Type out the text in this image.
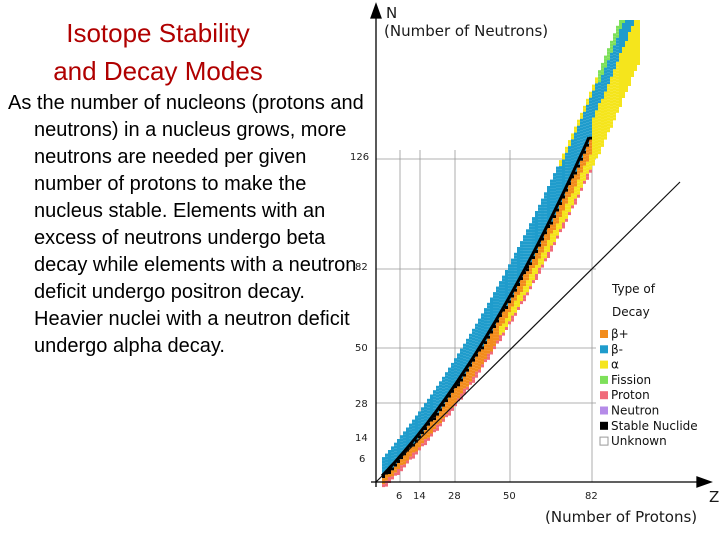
Isotope Stability
and Decay Modes
As the number of nucleons (protons and neutrons) in a nucleus grows, more neutrons are needed per given number of protons to make the nucleus stable. Elements with an excess of neutrons undergo beta decay while elements with a neutron deficit undergo positron decay. Heavier nuclei with a neutron deficit undergo alpha decay.
N
(Number of Neutrons)
Z
(Number of Protons)
126
82
50
28
14
6
6 14 28	50	82
Type of
Decay
β+
β-
α
Fission
Proton
Neutron
Stable Nuclide
Unknown
